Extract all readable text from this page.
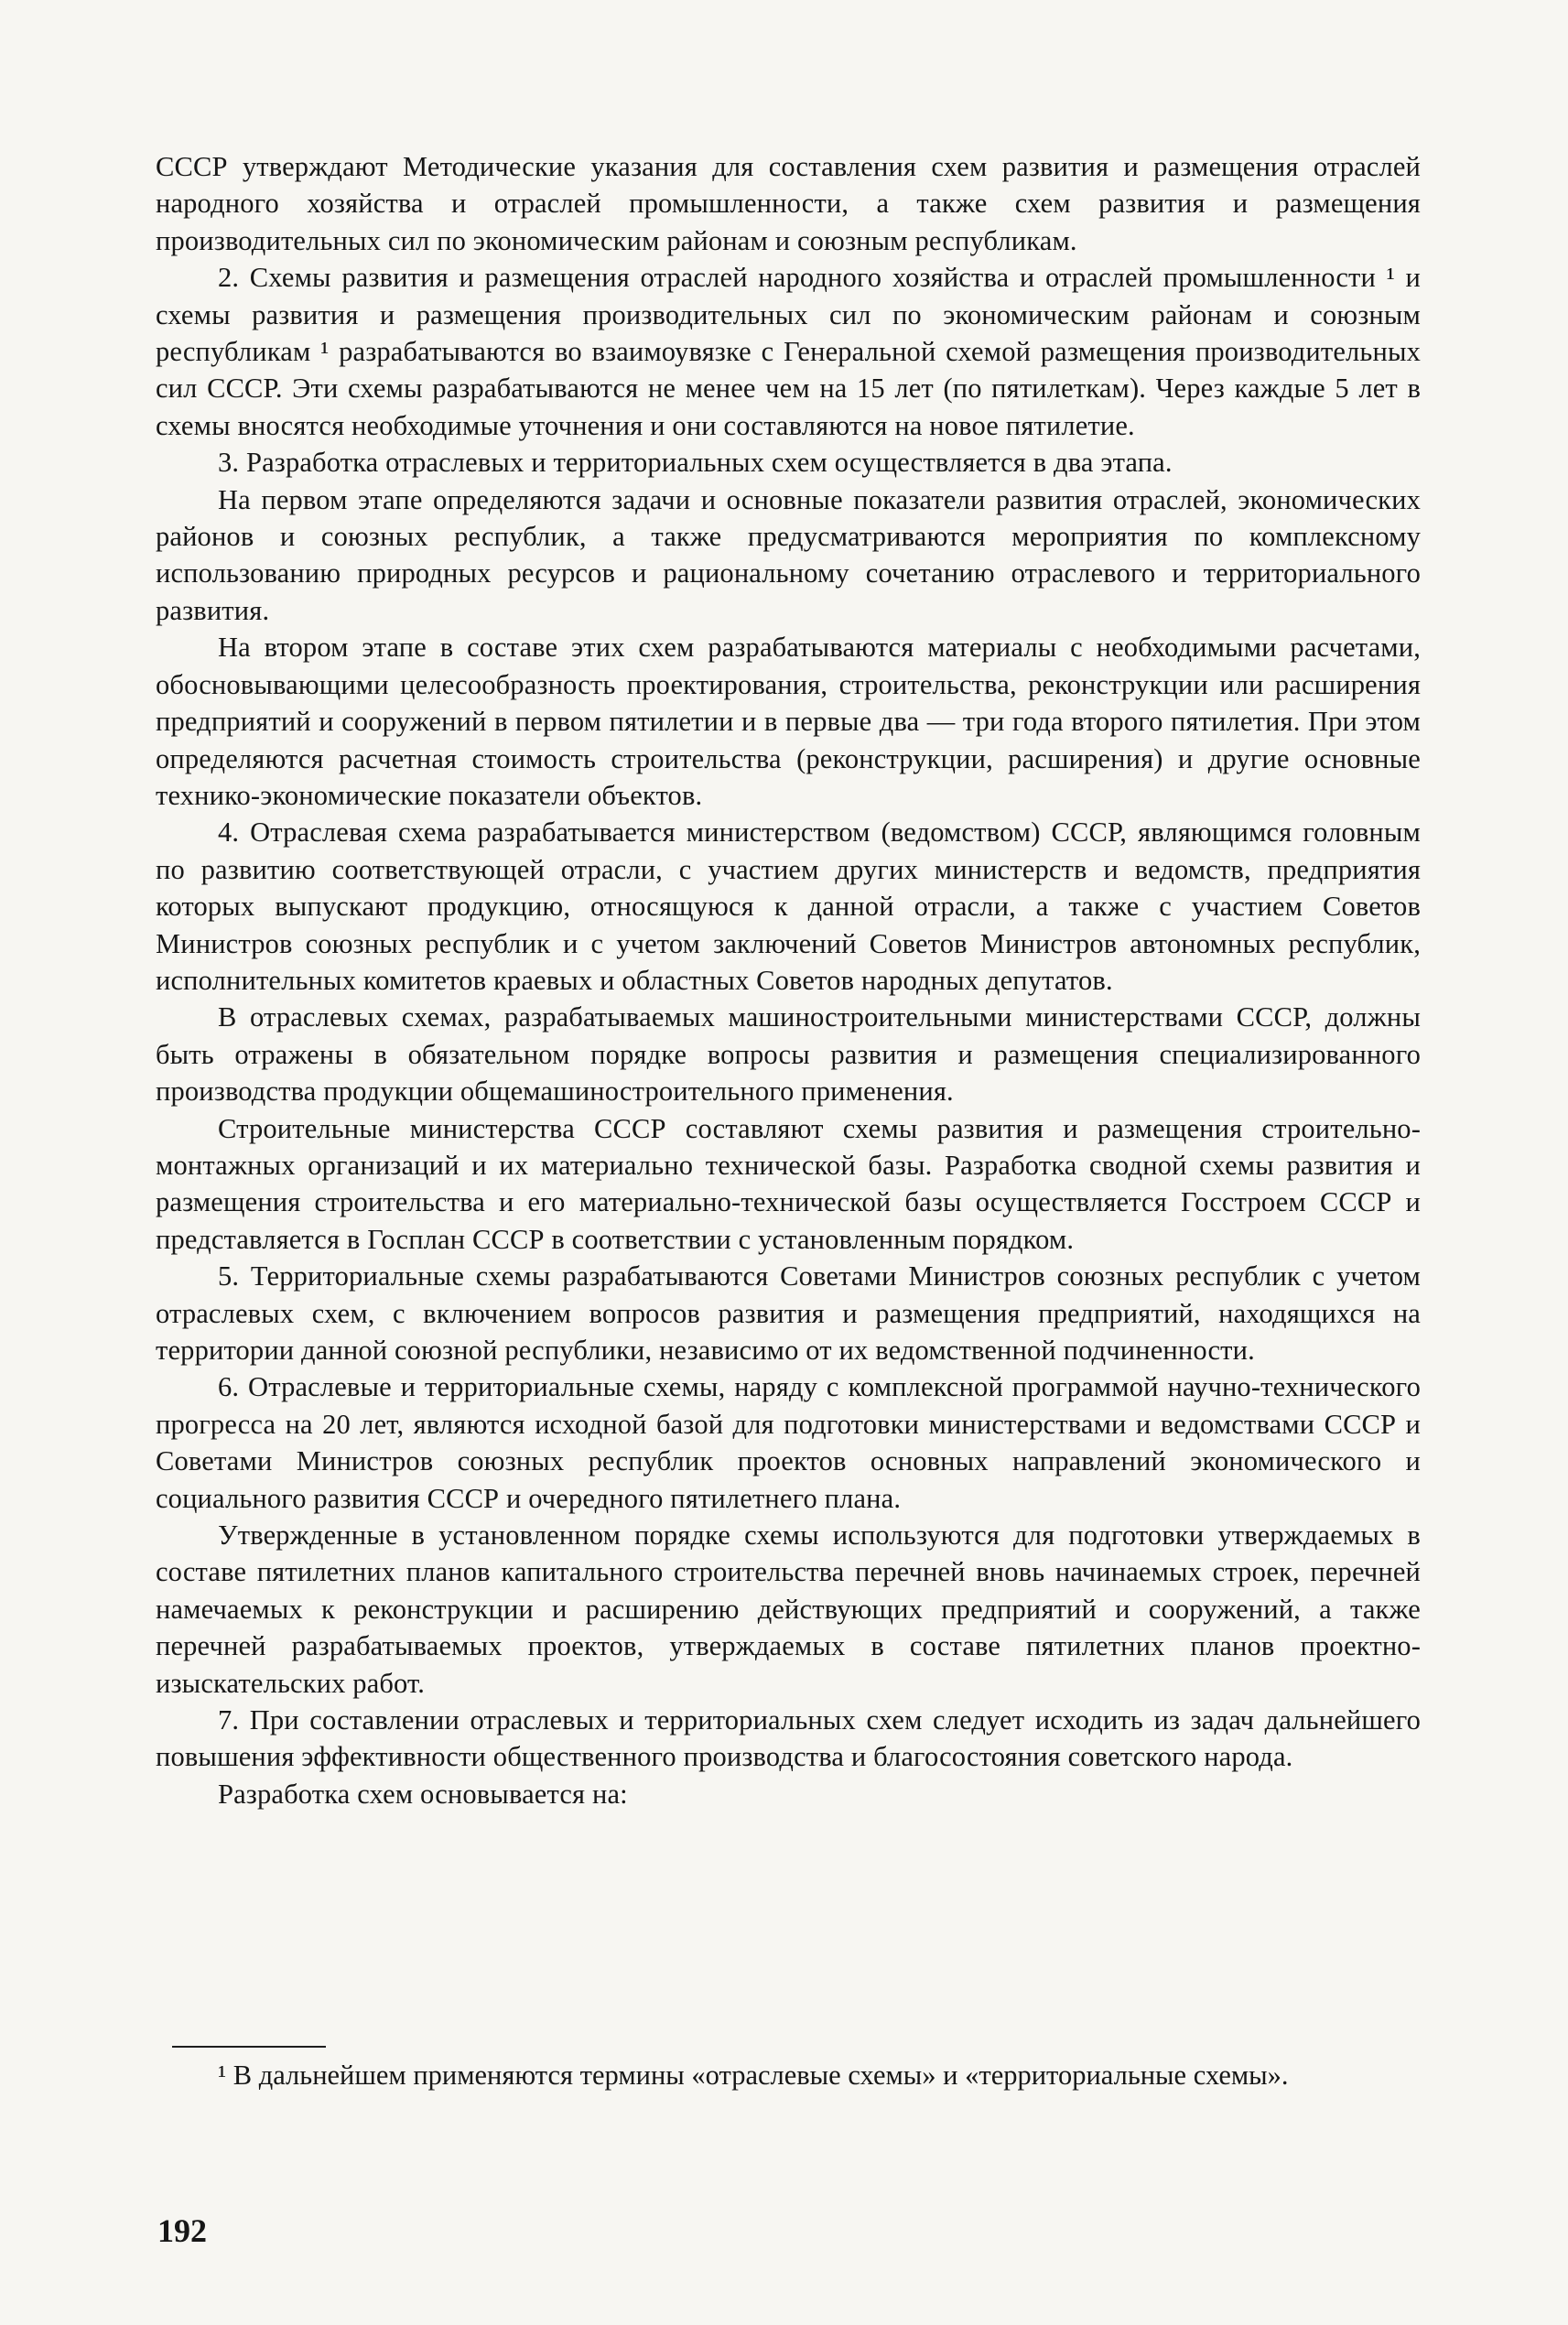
СССР утверждают Методические указания для составления схем развития и размещения отраслей народного хозяйства и отраслей промышленности, а также схем развития и размещения производительных сил по экономическим районам и союзным республикам.

2. Схемы развития и размещения отраслей народного хозяйства и отраслей промышленности ¹ и схемы развития и размещения производительных сил по экономическим районам и союзным республикам ¹ разрабатываются во взаимоувязке с Генеральной схемой размещения производительных сил СССР. Эти схемы разрабатываются не менее чем на 15 лет (по пятилеткам). Через каждые 5 лет в схемы вносятся необходимые уточнения и они составляются на новое пятилетие.

3. Разработка отраслевых и территориальных схем осуществляется в два этапа.

На первом этапе определяются задачи и основные показатели развития отраслей, экономических районов и союзных республик, а также предусматриваются мероприятия по комплексному использованию природных ресурсов и рациональному сочетанию отраслевого и территориального развития.

На втором этапе в составе этих схем разрабатываются материалы с необходимыми расчетами, обосновывающими целесообразность проектирования, строительства, реконструкции или расширения предприятий и сооружений в первом пятилетии и в первые два — три года второго пятилетия. При этом определяются расчетная стоимость строительства (реконструкции, расширения) и другие основные технико-экономические показатели объектов.

4. Отраслевая схема разрабатывается министерством (ведомством) СССР, являющимся головным по развитию соответствующей отрасли, с участием других министерств и ведомств, предприятия которых выпускают продукцию, относящуюся к данной отрасли, а также с участием Советов Министров союзных республик и с учетом заключений Советов Министров автономных республик, исполнительных комитетов краевых и областных Советов народных депутатов.

В отраслевых схемах, разрабатываемых машиностроительными министерствами СССР, должны быть отражены в обязательном порядке вопросы развития и размещения специализированного производства продукции общемашиностроительного применения.

Строительные министерства СССР составляют схемы развития и размещения строительно-монтажных организаций и их материально технической базы. Разработка сводной схемы развития и размещения строительства и его материально-технической базы осуществляется Госстроем СССР и представляется в Госплан СССР в соответствии с установленным порядком.

5. Территориальные схемы разрабатываются Советами Министров союзных республик с учетом отраслевых схем, с включением вопросов развития и размещения предприятий, находящихся на территории данной союзной республики, независимо от их ведомственной подчиненности.

6. Отраслевые и территориальные схемы, наряду с комплексной программой научно-технического прогресса на 20 лет, являются исходной базой для подготовки министерствами и ведомствами СССР и Советами Министров союзных республик проектов основных направлений экономического и социального развития СССР и очередного пятилетнего плана.

Утвержденные в установленном порядке схемы используются для подготовки утверждаемых в составе пятилетних планов капитального строительства перечней вновь начинаемых строек, перечней намечаемых к реконструкции и расширению действующих предприятий и сооружений, а также перечней разрабатываемых проектов, утверждаемых в составе пятилетних планов проектно-изыскательских работ.

7. При составлении отраслевых и территориальных схем следует исходить из задач дальнейшего повышения эффективности общественного производства и благосостояния советского народа.

Разработка схем основывается на:

¹ В дальнейшем применяются термины «отраслевые схемы» и «территориальные схемы».
192
